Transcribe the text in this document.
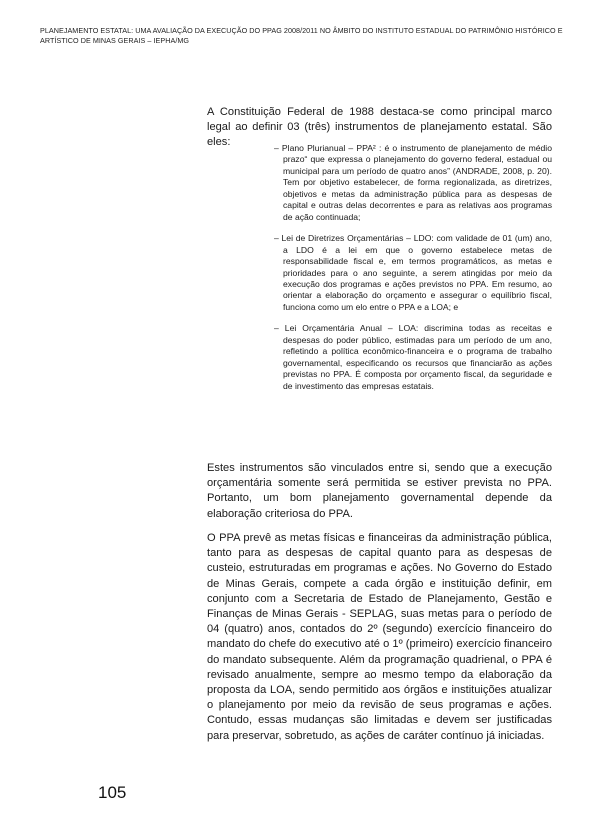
PLANEJAMENTO ESTATAL: UMA AVALIAÇÃO DA EXECUÇÃO DO PPAG 2008/2011 NO ÂMBITO DO INSTITUTO ESTADUAL DO PATRIMÔNIO HISTÓRICO E ARTÍSTICO DE MINAS GERAIS – IEPHA/MG

A Constituição Federal de 1988 destaca-se como principal marco legal ao definir 03 (três) instrumentos de planejamento estatal. São eles:	– Plano Plurianual – PPA² : é o instrumento de planejamento de médio prazo“ que expressa o planejamento do governo federal, estadual ou municipal para um período de quatro anos” (ANDRADE, 2008, p. 20). Tem por objetivo estabelecer, de forma regionalizada, as diretrizes, objetivos e metas da administração pública para as despesas de capital e outras delas decorrentes e para as relativas aos programas de ação continuada;

– Lei de Diretrizes Orçamentárias – LDO: com validade de 01 (um) ano, a LDO é a lei em que o governo estabelece metas de responsabilidade fiscal e, em termos programáticos, as metas e prioridades para o ano seguinte, a serem atingidas por meio da execução dos programas e ações previstos no PPA. Em resumo, ao orientar a elaboração do orçamento e assegurar o equilíbrio fiscal, funciona como um elo entre o PPA e a LOA; e

– Lei Orçamentária Anual – LOA: discrimina todas as receitas e despesas do poder público, estimadas para um período de um ano, refletindo a política econômico-financeira e o programa de trabalho governamental, especificando os recursos que financiarão as ações previstas no PPA. É composta por orçamento fiscal, da seguridade e de investimento das empresas estatais.

Estes instrumentos são vinculados entre si, sendo que a execução orçamentária somente será permitida se estiver prevista no PPA. Portanto, um bom planejamento governamental depende da elaboração criteriosa do PPA.

O PPA prevê as metas físicas e financeiras da administração pública, tanto para as despesas de capital quanto para as despesas de custeio, estruturadas em programas e ações. No Governo do Estado de Minas Gerais, compete a cada órgão e instituição definir, em conjunto com a Secretaria de Estado de Planejamento, Gestão e Finanças de Minas Gerais - SEPLAG, suas metas para o período de 04 (quatro) anos, contados do 2º (segundo) exercício financeiro do mandato do chefe do executivo até o 1º (primeiro) exercício financeiro do mandato subsequente. Além da programação quadrienal, o PPA é revisado anualmente, sempre ao mesmo tempo da elaboração da proposta da LOA, sendo permitido aos órgãos e instituições atualizar o planejamento por meio da revisão de seus programas e ações. Contudo, essas mudanças são limitadas e devem ser justificadas para preservar, sobretudo, as ações de caráter contínuo já iniciadas.

105
